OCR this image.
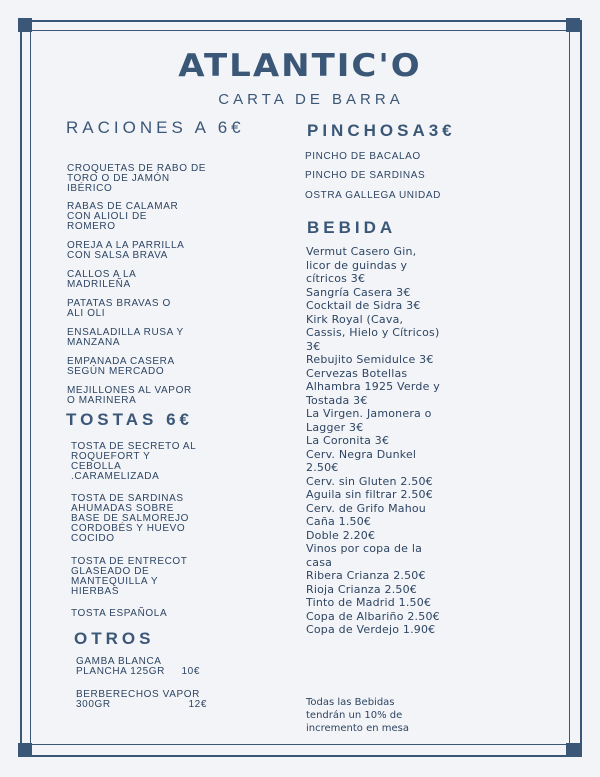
ATLANTIC'O
CARTA DE BARRA
RACIONES A 6€
CROQUETAS DE RABO DE TORO O DE JAMÓN IBÉRICO
RABAS DE CALAMAR CON ALIOLI DE ROMERO
OREJA A LA PARRILLA CON SALSA BRAVA
CALLOS A LA MADRILEÑA
PATATAS BRAVAS O ALI OLI
ENSALADILLA RUSA Y MANZANA
EMPANADA CASERA SEGÚN MERCADO
MEJILLONES AL VAPOR O MARINERA
TOSTAS 6€
TOSTA DE SECRETO AL ROQUEFORT Y CEBOLLA .CARAMELIZADA
TOSTA DE SARDINAS AHUMADAS SOBRE BASE DE SALMOREJO CORDOBÉS Y HUEVO COCIDO
TOSTA DE ENTRECOT GLASEADO DE MANTEQUILLA Y HIERBAS
TOSTA ESPAÑOLA
OTROS
GAMBA BLANCA
PLANCHA 125GR 10€
BERBERECHOS VAPOR
300GR	12€
PINCHOSA3€
PINCHO DE BACALAO
PINCHO DE SARDINAS
OSTRA GALLEGA UNIDAD
BEBIDA
Vermut Casero Gin, licor de guindas y cítricos 3€
Sangría Casera 3€
Cocktail de Sidra 3€
Kirk Royal (Cava, Cassis, Hielo y Cítricos) 3€
Rebujito Semidulce 3€
Cervezas Botellas Alhambra 1925 Verde y Tostada 3€
La Virgen. Jamonera o Lagger 3€
La Coronita 3€
Cerv. Negra Dunkel 2.50€
Cerv. sin Gluten 2.50€
Aguila sin filtrar 2.50€
Cerv. de Grifo Mahou
Caña 1.50€
Doble 2.20€
Vinos por copa de la casa
Ribera Crianza 2.50€
Rioja Crianza 2.50€
Tinto de Madrid 1.50€
Copa de Albariño 2.50€
Copa de Verdejo 1.90€
Todas las Bebidas tendrán un 10% de incremento en mesa
